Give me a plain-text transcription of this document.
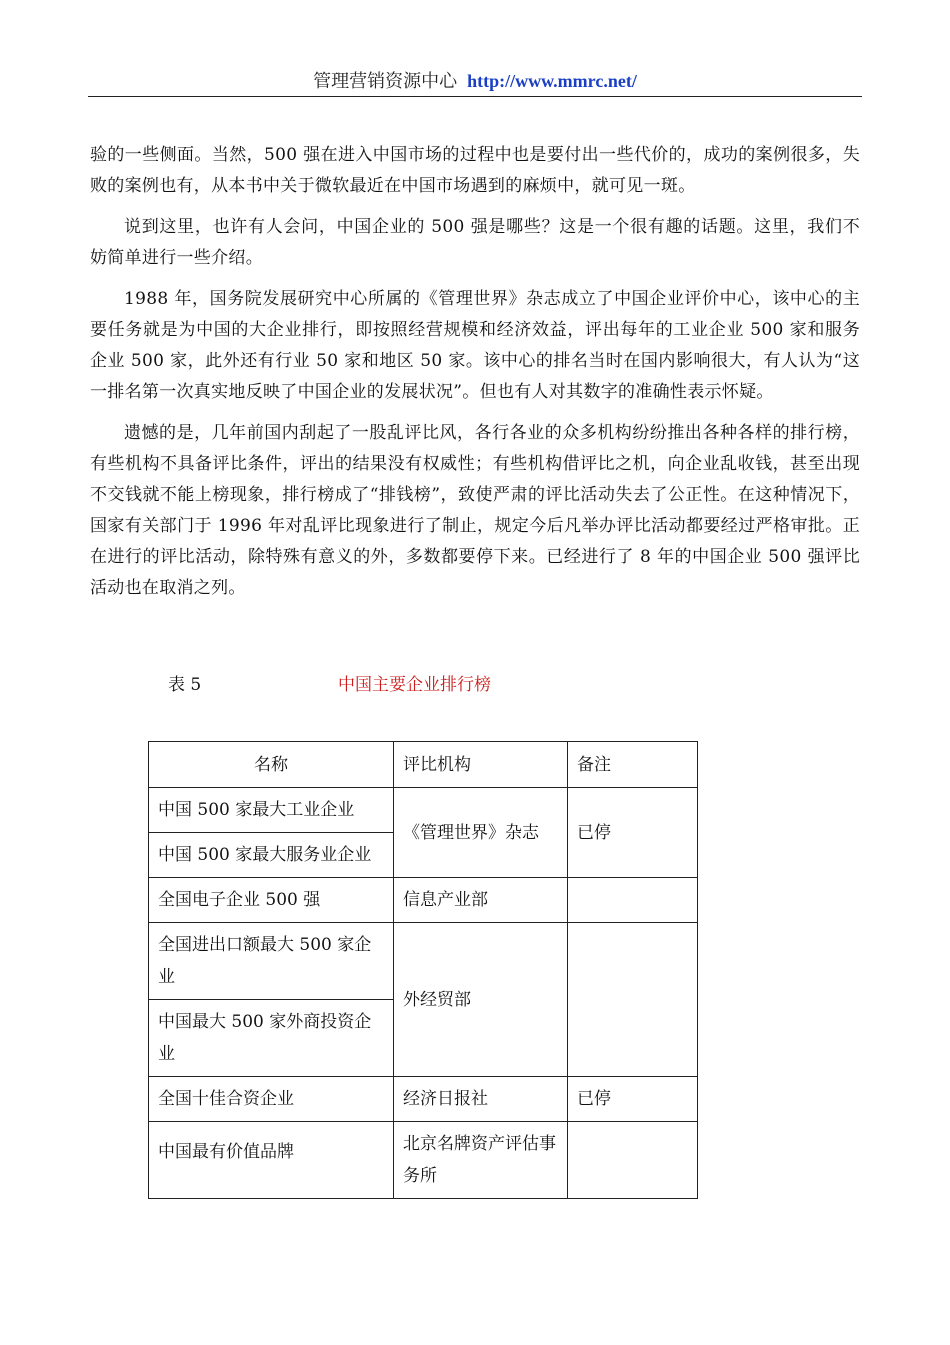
管理营销资源中心 http://www.mmrc.net/

验的一些侧面。当然，500 强在进入中国市场的过程中也是要付出一些代价的，成功的案例很多，失败的案例也有，从本书中关于微软最近在中国市场遇到的麻烦中，就可见一斑。

说到这里，也许有人会问，中国企业的 500 强是哪些？这是一个很有趣的话题。这里，我们不妨简单进行一些介绍。

1988 年，国务院发展研究中心所属的《管理世界》杂志成立了中国企业评价中心，该中心的主要任务就是为中国的大企业排行，即按照经营规模和经济效益，评出每年的工业企业 500 家和服务企业 500 家，此外还有行业 50 家和地区 50 家。该中心的排名当时在国内影响很大，有人认为“这一排名第一次真实地反映了中国企业的发展状况”。但也有人对其数字的准确性表示怀疑。

遗憾的是，几年前国内刮起了一股乱评比风，各行各业的众多机构纷纷推出各种各样的排行榜，有些机构不具备评比条件，评出的结果没有权威性；有些机构借评比之机，向企业乱收钱，甚至出现不交钱就不能上榜现象，排行榜成了“排钱榜”，致使严肃的评比活动失去了公正性。在这种情况下，国家有关部门于 1996 年对乱评比现象进行了制止，规定今后凡举办评比活动都要经过严格审批。正在进行的评比活动，除特殊有意义的外，多数都要停下来。已经进行了 8 年的中国企业 500 强评比活动也在取消之列。

表 5	中国主要企业排行榜
名称	评比机构	备注
中国 500 家最大工业企业	《管理世界》杂志	已停
中国 500 家最大服务业企业		
全国电子企业 500 强	信息产业部	
全国进出口额最大 500 家企业	外经贸部	
中国最大 500 家外商投资企业		
全国十佳合资企业	经济日报社	已停
中国最有价值品牌	北京名牌资产评估事务所	
